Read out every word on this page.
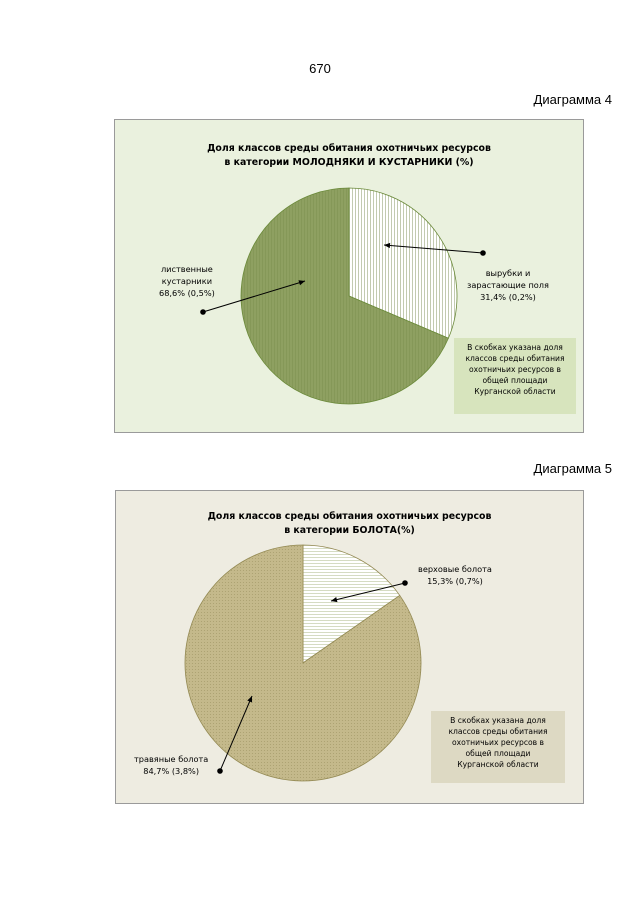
670
Диаграмма 4
Диаграмма 5
Доля классов среды обитания охотничьих ресурсов
в категории МОЛОДНЯКИ И КУСТАРНИКИ (%)
вырубки и
зарастающие поля
31,4% (0,2%)
лиственные
кустарники
68,6% (0,5%)
В скобках указана доля
классов среды обитания
охотничьих ресурсов в
общей площади
Курганской области
Доля классов среды обитания охотничьих ресурсов
в категории БОЛОТА(%)
верховые болота
15,3% (0,7%)
травяные болота
84,7% (3,8%)
В скобках указана доля
классов среды обитания
охотничьих ресурсов в
общей площади
Курганской области
